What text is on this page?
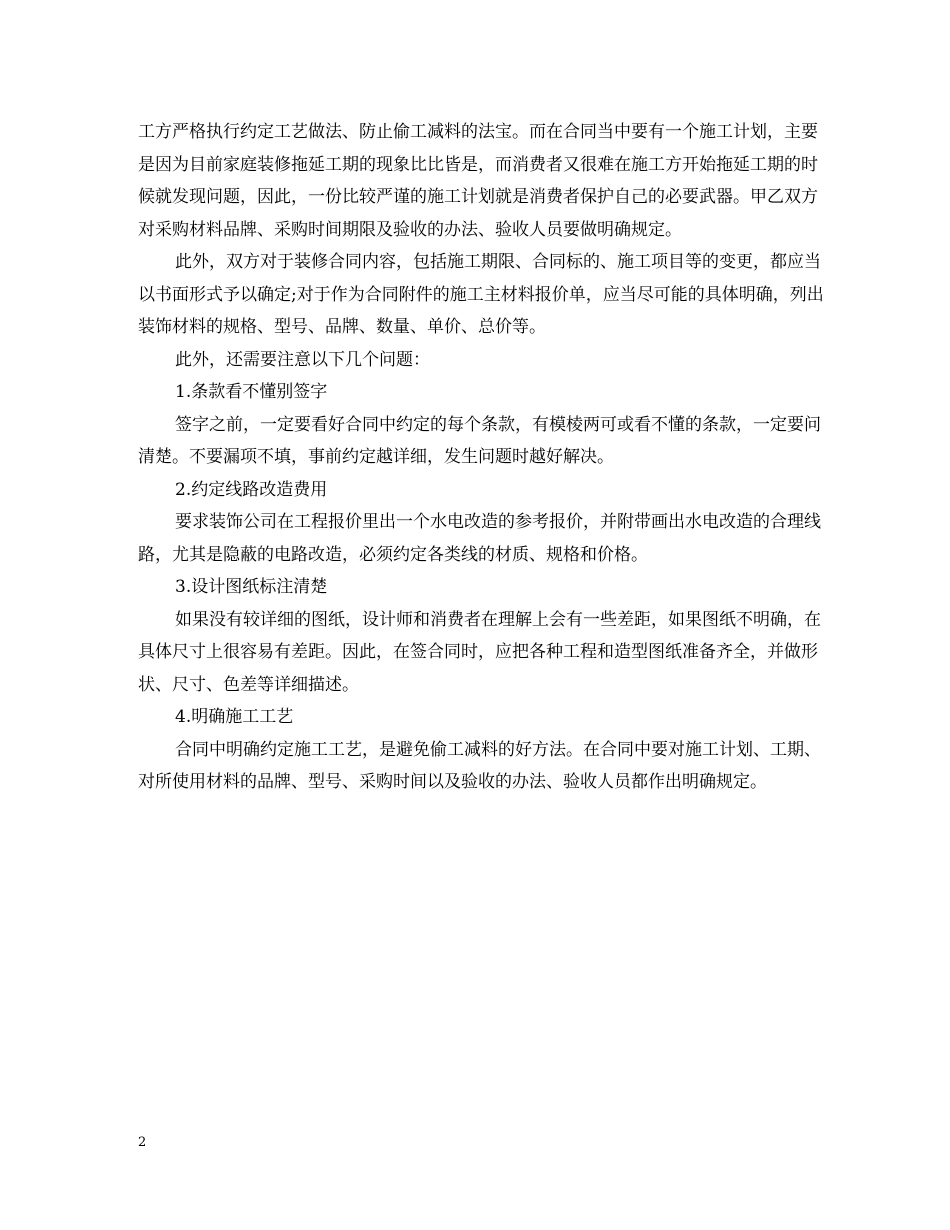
工方严格执行约定工艺做法、防止偷工减料的法宝。而在合同当中要有一个施工计划，主要是因为目前家庭装修拖延工期的现象比比皆是，而消费者又很难在施工方开始拖延工期的时候就发现问题，因此，一份比较严谨的施工计划就是消费者保护自己的必要武器。甲乙双方对采购材料品牌、采购时间期限及验收的办法、验收人员要做明确规定。

此外，双方对于装修合同内容，包括施工期限、合同标的、施工项目等的变更，都应当以书面形式予以确定;对于作为合同附件的施工主材料报价单，应当尽可能的具体明确，列出装饰材料的规格、型号、品牌、数量、单价、总价等。

此外，还需要注意以下几个问题：

1.条款看不懂别签字

签字之前，一定要看好合同中约定的每个条款，有模棱两可或看不懂的条款，一定要问清楚。不要漏项不填，事前约定越详细，发生问题时越好解决。

2.约定线路改造费用

要求装饰公司在工程报价里出一个水电改造的参考报价，并附带画出水电改造的合理线路，尤其是隐蔽的电路改造，必须约定各类线的材质、规格和价格。

3.设计图纸标注清楚

如果没有较详细的图纸，设计师和消费者在理解上会有一些差距，如果图纸不明确，在具体尺寸上很容易有差距。因此，在签合同时，应把各种工程和造型图纸准备齐全，并做形状、尺寸、色差等详细描述。

4.明确施工工艺

合同中明确约定施工工艺，是避免偷工减料的好方法。在合同中要对施工计划、工期、对所使用材料的品牌、型号、采购时间以及验收的办法、验收人员都作出明确规定。

2
